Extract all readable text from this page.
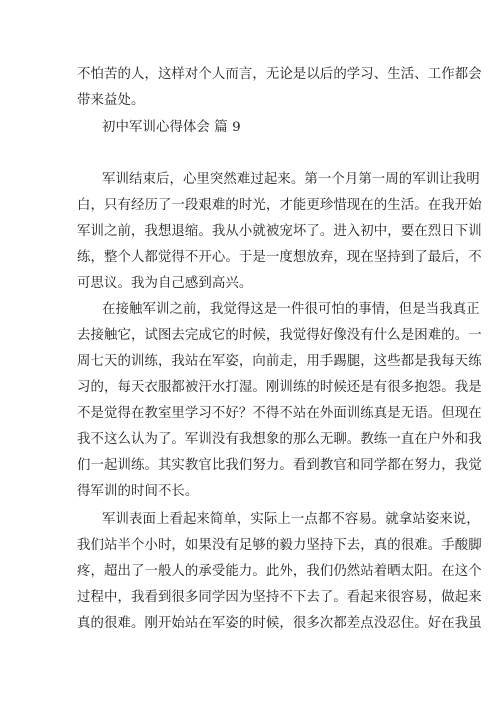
不怕苦的人，这样对个人而言，无论是以后的学习、生活、工作都会
带来益处。
初中军训心得体会 篇 9
军训结束后，心里突然难过起来。第一个月第一周的军训让我明
白，只有经历了一段艰难的时光，才能更珍惜现在的生活。在我开始
军训之前，我想退缩。我从小就被宠坏了。进入初中，要在烈日下训
练，整个人都觉得不开心。于是一度想放弃，现在坚持到了最后，不
可思议。我为自己感到高兴。
在接触军训之前，我觉得这是一件很可怕的事情，但是当我真正
去接触它，试图去完成它的时候，我觉得好像没有什么是困难的。一
周七天的训练，我站在军姿，向前走，用手踢腿，这些都是我每天练
习的，每天衣服都被汗水打湿。刚训练的时候还是有很多抱怨。我是
不是觉得在教室里学习不好？不得不站在外面训练真是无语。但现在
我不这么认为了。军训没有我想象的那么无聊。教练一直在户外和我
们一起训练。其实教官比我们努力。看到教官和同学都在努力，我觉
得军训的时间不长。
军训表面上看起来简单，实际上一点都不容易。就拿站姿来说，
我们站半个小时，如果没有足够的毅力坚持下去，真的很难。手酸脚
疼，超出了一般人的承受能力。此外，我们仍然站着晒太阳。在这个
过程中，我看到很多同学因为坚持不下去了。看起来很容易，做起来
真的很难。刚开始站在军姿的时候，很多次都差点没忍住。好在我虽
